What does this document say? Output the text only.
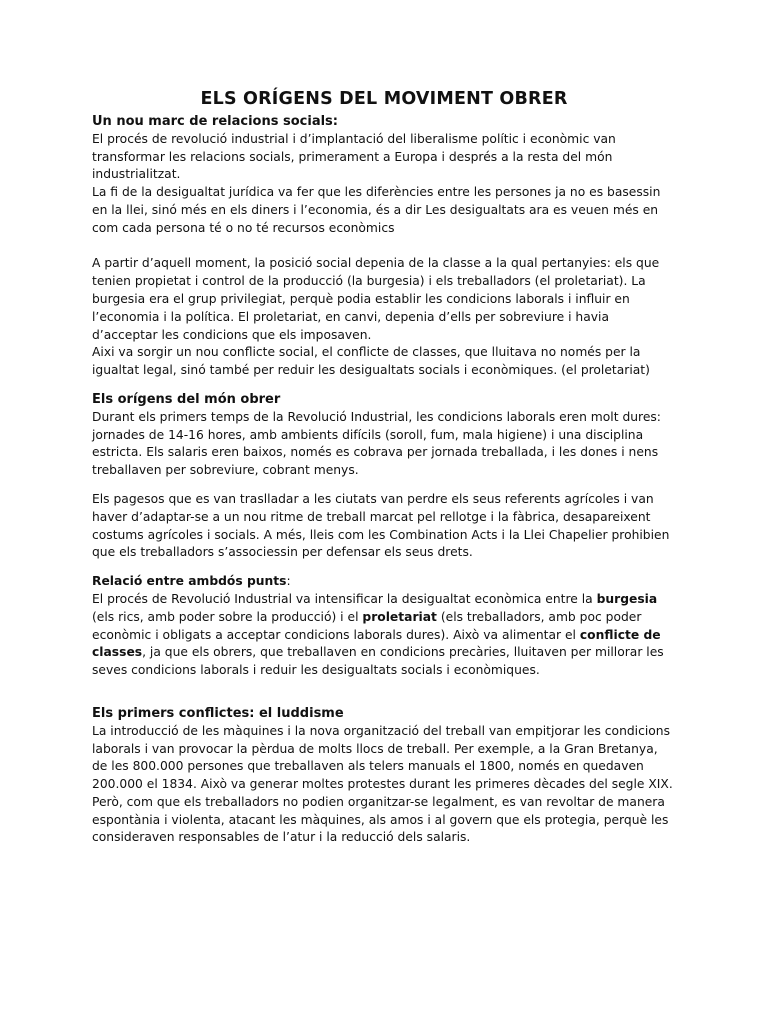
ELS ORÍGENS DEL MOVIMENT OBRER
Un nou marc de relacions socials:

El procés de revolució industrial i d’implantació del liberalisme polític i econòmic van transformar les relacions socials, primerament a Europa i després a la resta del món industrialitzat.

La fi de la desigualtat jurídica va fer que les diferències entre les persones ja no es basessin en la llei, sinó més en els diners i l’economia, és a dir Les desigualtats ara es veuen més en com cada persona té o no té recursos econòmics

A partir d’aquell moment, la posició social depenia de la classe a la qual pertanyies: els que tenien propietat i control de la producció (la burgesia) i els treballadors (el proletariat). La burgesia era el grup privilegiat, perquè podia establir les condicions laborals i influir en l’economia i la política. El proletariat, en canvi, depenia d’ells per sobreviure i havia d’acceptar les condicions que els imposaven.

Aixi va sorgir un nou conflicte social, el conflicte de classes, que lluitava no només per la igualtat legal, sinó també per reduir les desigualtats socials i econòmiques. (el proletariat)

Els orígens del món obrer

Durant els primers temps de la Revolució Industrial, les condicions laborals eren molt dures: jornades de 14-16 hores, amb ambients difícils (soroll, fum, mala higiene) i una disciplina estricta. Els salaris eren baixos, només es cobrava per jornada treballada, i les dones i nens treballaven per sobreviure, cobrant menys.

Els pagesos que es van traslladar a les ciutats van perdre els seus referents agrícoles i van haver d’adaptar-se a un nou ritme de treball marcat pel rellotge i la fàbrica, desapareixent costums agrícoles i socials. A més, lleis com les Combination Acts i la Llei Chapelier prohibien que els treballadors s’associessin per defensar els seus drets.

Relació entre ambdós punts:

El procés de Revolució Industrial va intensificar la desigualtat econòmica entre la burgesia (els rics, amb poder sobre la producció) i el proletariat (els treballadors, amb poc poder econòmic i obligats a acceptar condicions laborals dures). Això va alimentar el conflicte de classes, ja que els obrers, que treballaven en condicions precàries, lluitaven per millorar les seves condicions laborals i reduir les desigualtats socials i econòmiques.

Els primers conflictes: el luddisme

La introducció de les màquines i la nova organització del treball van empitjorar les condicions laborals i van provocar la pèrdua de molts llocs de treball. Per exemple, a la Gran Bretanya, de les 800.000 persones que treballaven als telers manuals el 1800, només en quedaven 200.000 el 1834. Això va generar moltes protestes durant les primeres dècades del segle XIX. Però, com que els treballadors no podien organitzar-se legalment, es van revoltar de manera espontània i violenta, atacant les màquines, als amos i al govern que els protegia, perquè les consideraven responsables de l’atur i la reducció dels salaris.
